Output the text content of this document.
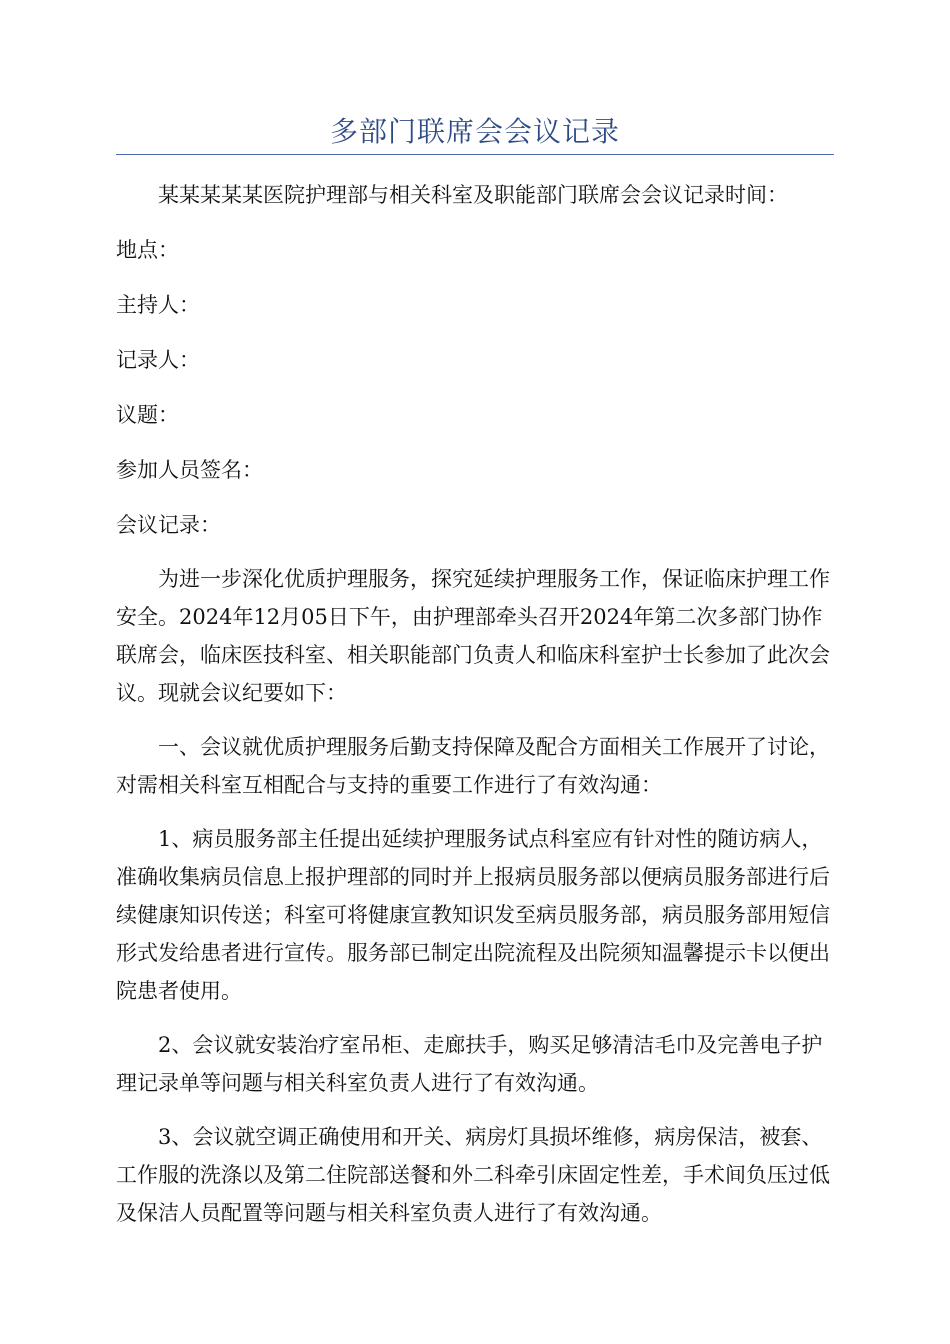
多部门联席会会议记录

某某某某某医院护理部与相关科室及职能部门联席会会议记录时间：

地点：

主持人：

记录人：

议题：

参加人员签名：

会议记录：

为进一步深化优质护理服务，探究延续护理服务工作，保证临床护理工作安全。2024年12月05日下午，由护理部牵头召开2024年第二次多部门协作联席会，临床医技科室、相关职能部门负责人和临床科室护士长参加了此次会议。现就会议纪要如下：

一、会议就优质护理服务后勤支持保障及配合方面相关工作展开了讨论，对需相关科室互相配合与支持的重要工作进行了有效沟通：

1、病员服务部主任提出延续护理服务试点科室应有针对性的随访病人，准确收集病员信息上报护理部的同时并上报病员服务部以便病员服务部进行后续健康知识传送；科室可将健康宣教知识发至病员服务部，病员服务部用短信形式发给患者进行宣传。服务部已制定出院流程及出院须知温馨提示卡以便出院患者使用。

2、会议就安装治疗室吊柜、走廊扶手，购买足够清洁毛巾及完善电子护理记录单等问题与相关科室负责人进行了有效沟通。

3、会议就空调正确使用和开关、病房灯具损坏维修，病房保洁，被套、工作服的洗涤以及第二住院部送餐和外二科牵引床固定性差，手术间负压过低及保洁人员配置等问题与相关科室负责人进行了有效沟通。
